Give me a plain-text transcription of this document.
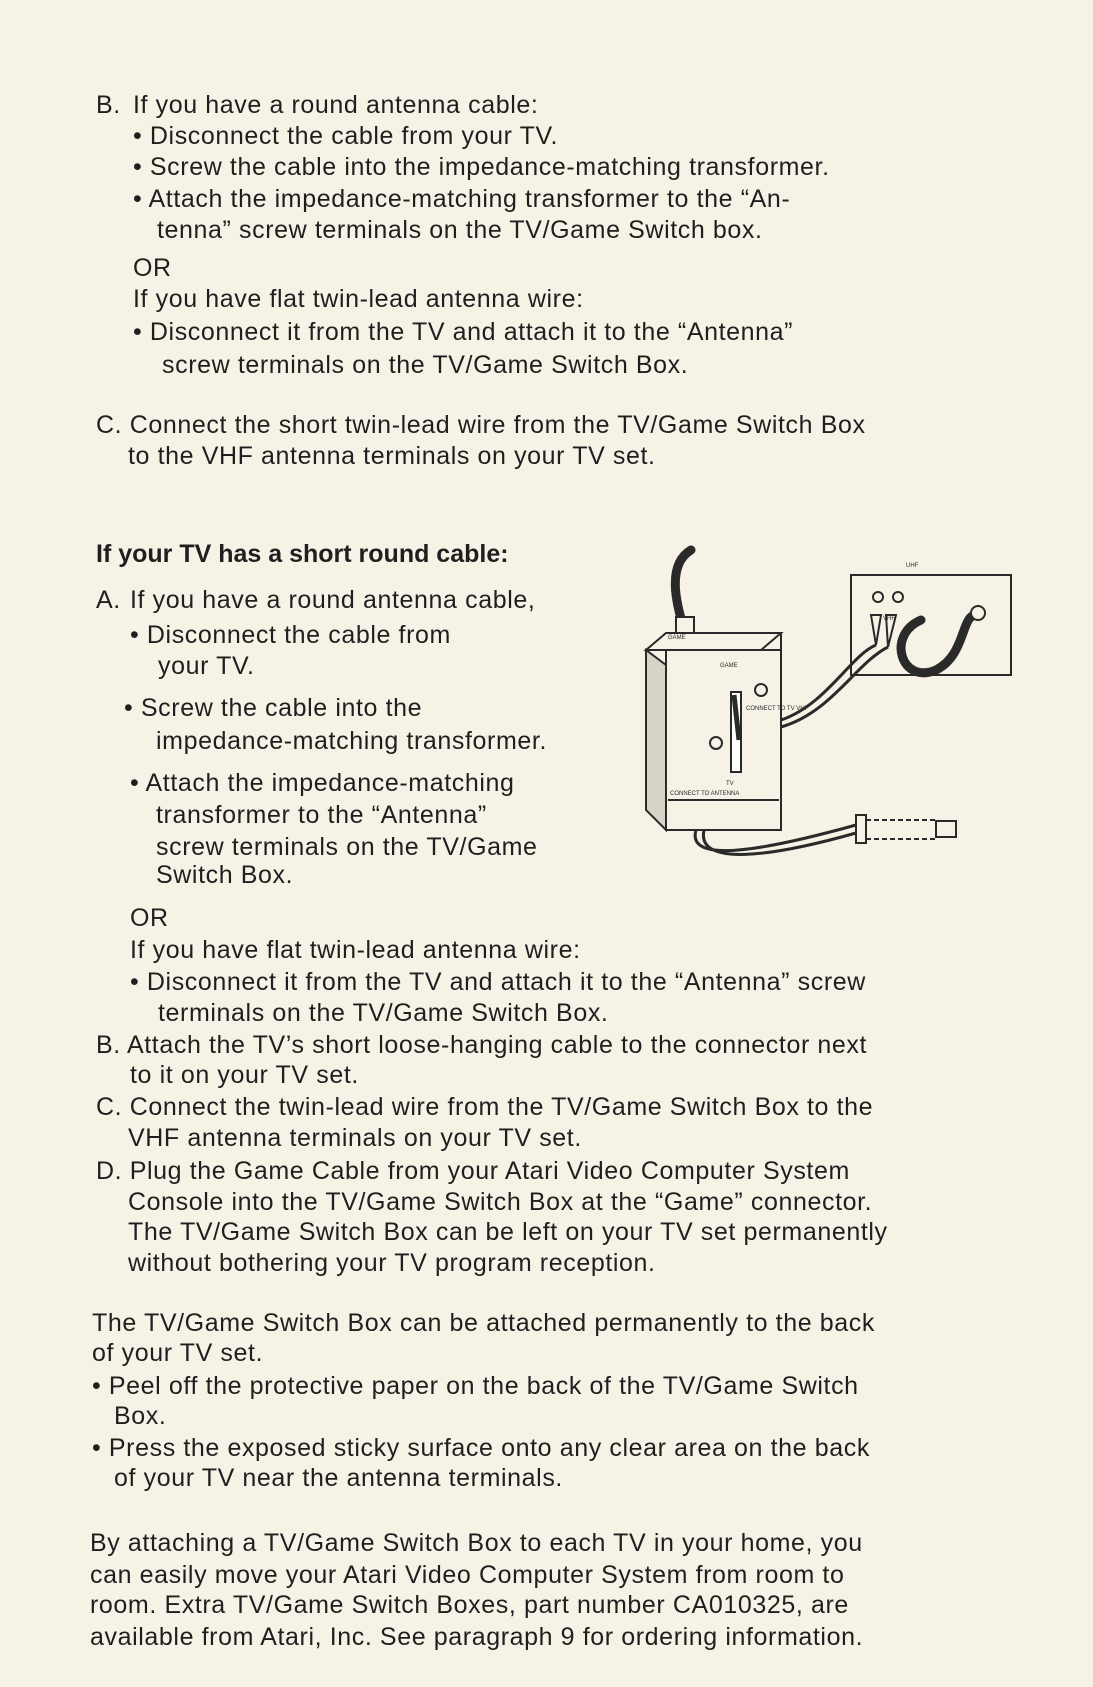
B. If you have a round antenna cable:
• Disconnect the cable from your TV.
• Screw the cable into the impedance-matching transformer.
• Attach the impedance-matching transformer to the “An-
tenna” screw terminals on the TV/Game Switch box.
OR
If you have flat twin-lead antenna wire:
• Disconnect it from the TV and attach it to the “Antenna”
screw terminals on the TV/Game Switch Box.
C. Connect the short twin-lead wire from the TV/Game Switch Box
to the VHF antenna terminals on your TV set.
If your TV has a short round cable:
A. If you have a round antenna cable,
• Disconnect the cable from
your TV.
• Screw the cable into the
impedance-matching transformer.
• Attach the impedance-matching
transformer to the “Antenna”
screw terminals on the TV/Game
Switch Box.
OR
If you have flat twin-lead antenna wire:
• Disconnect it from the TV and attach it to the “Antenna” screw
terminals on the TV/Game Switch Box.
B. Attach the TV’s short loose-hanging cable to the connector next
to it on your TV set.
C. Connect the twin-lead wire from the TV/Game Switch Box to the
VHF antenna terminals on your TV set.
D. Plug the Game Cable from your Atari Video Computer System
Console into the TV/Game Switch Box at the “Game” connector.
The TV/Game Switch Box can be left on your TV set permanently
without bothering your TV program reception.
The TV/Game Switch Box can be attached permanently to the back
of your TV set.
• Peel off the protective paper on the back of the TV/Game Switch
Box.
• Press the exposed sticky surface onto any clear area on the back
of your TV near the antenna terminals.
By attaching a TV/Game Switch Box to each TV in your home, you
can easily move your Atari Video Computer System from room to
room. Extra TV/Game Switch Boxes, part number CA010325, are
available from Atari, Inc. See paragraph 9 for ordering information.
UHF
VHF
GAME
GAME
TV
CONNECT TO TV VHF
CONNECT TO ANTENNA
